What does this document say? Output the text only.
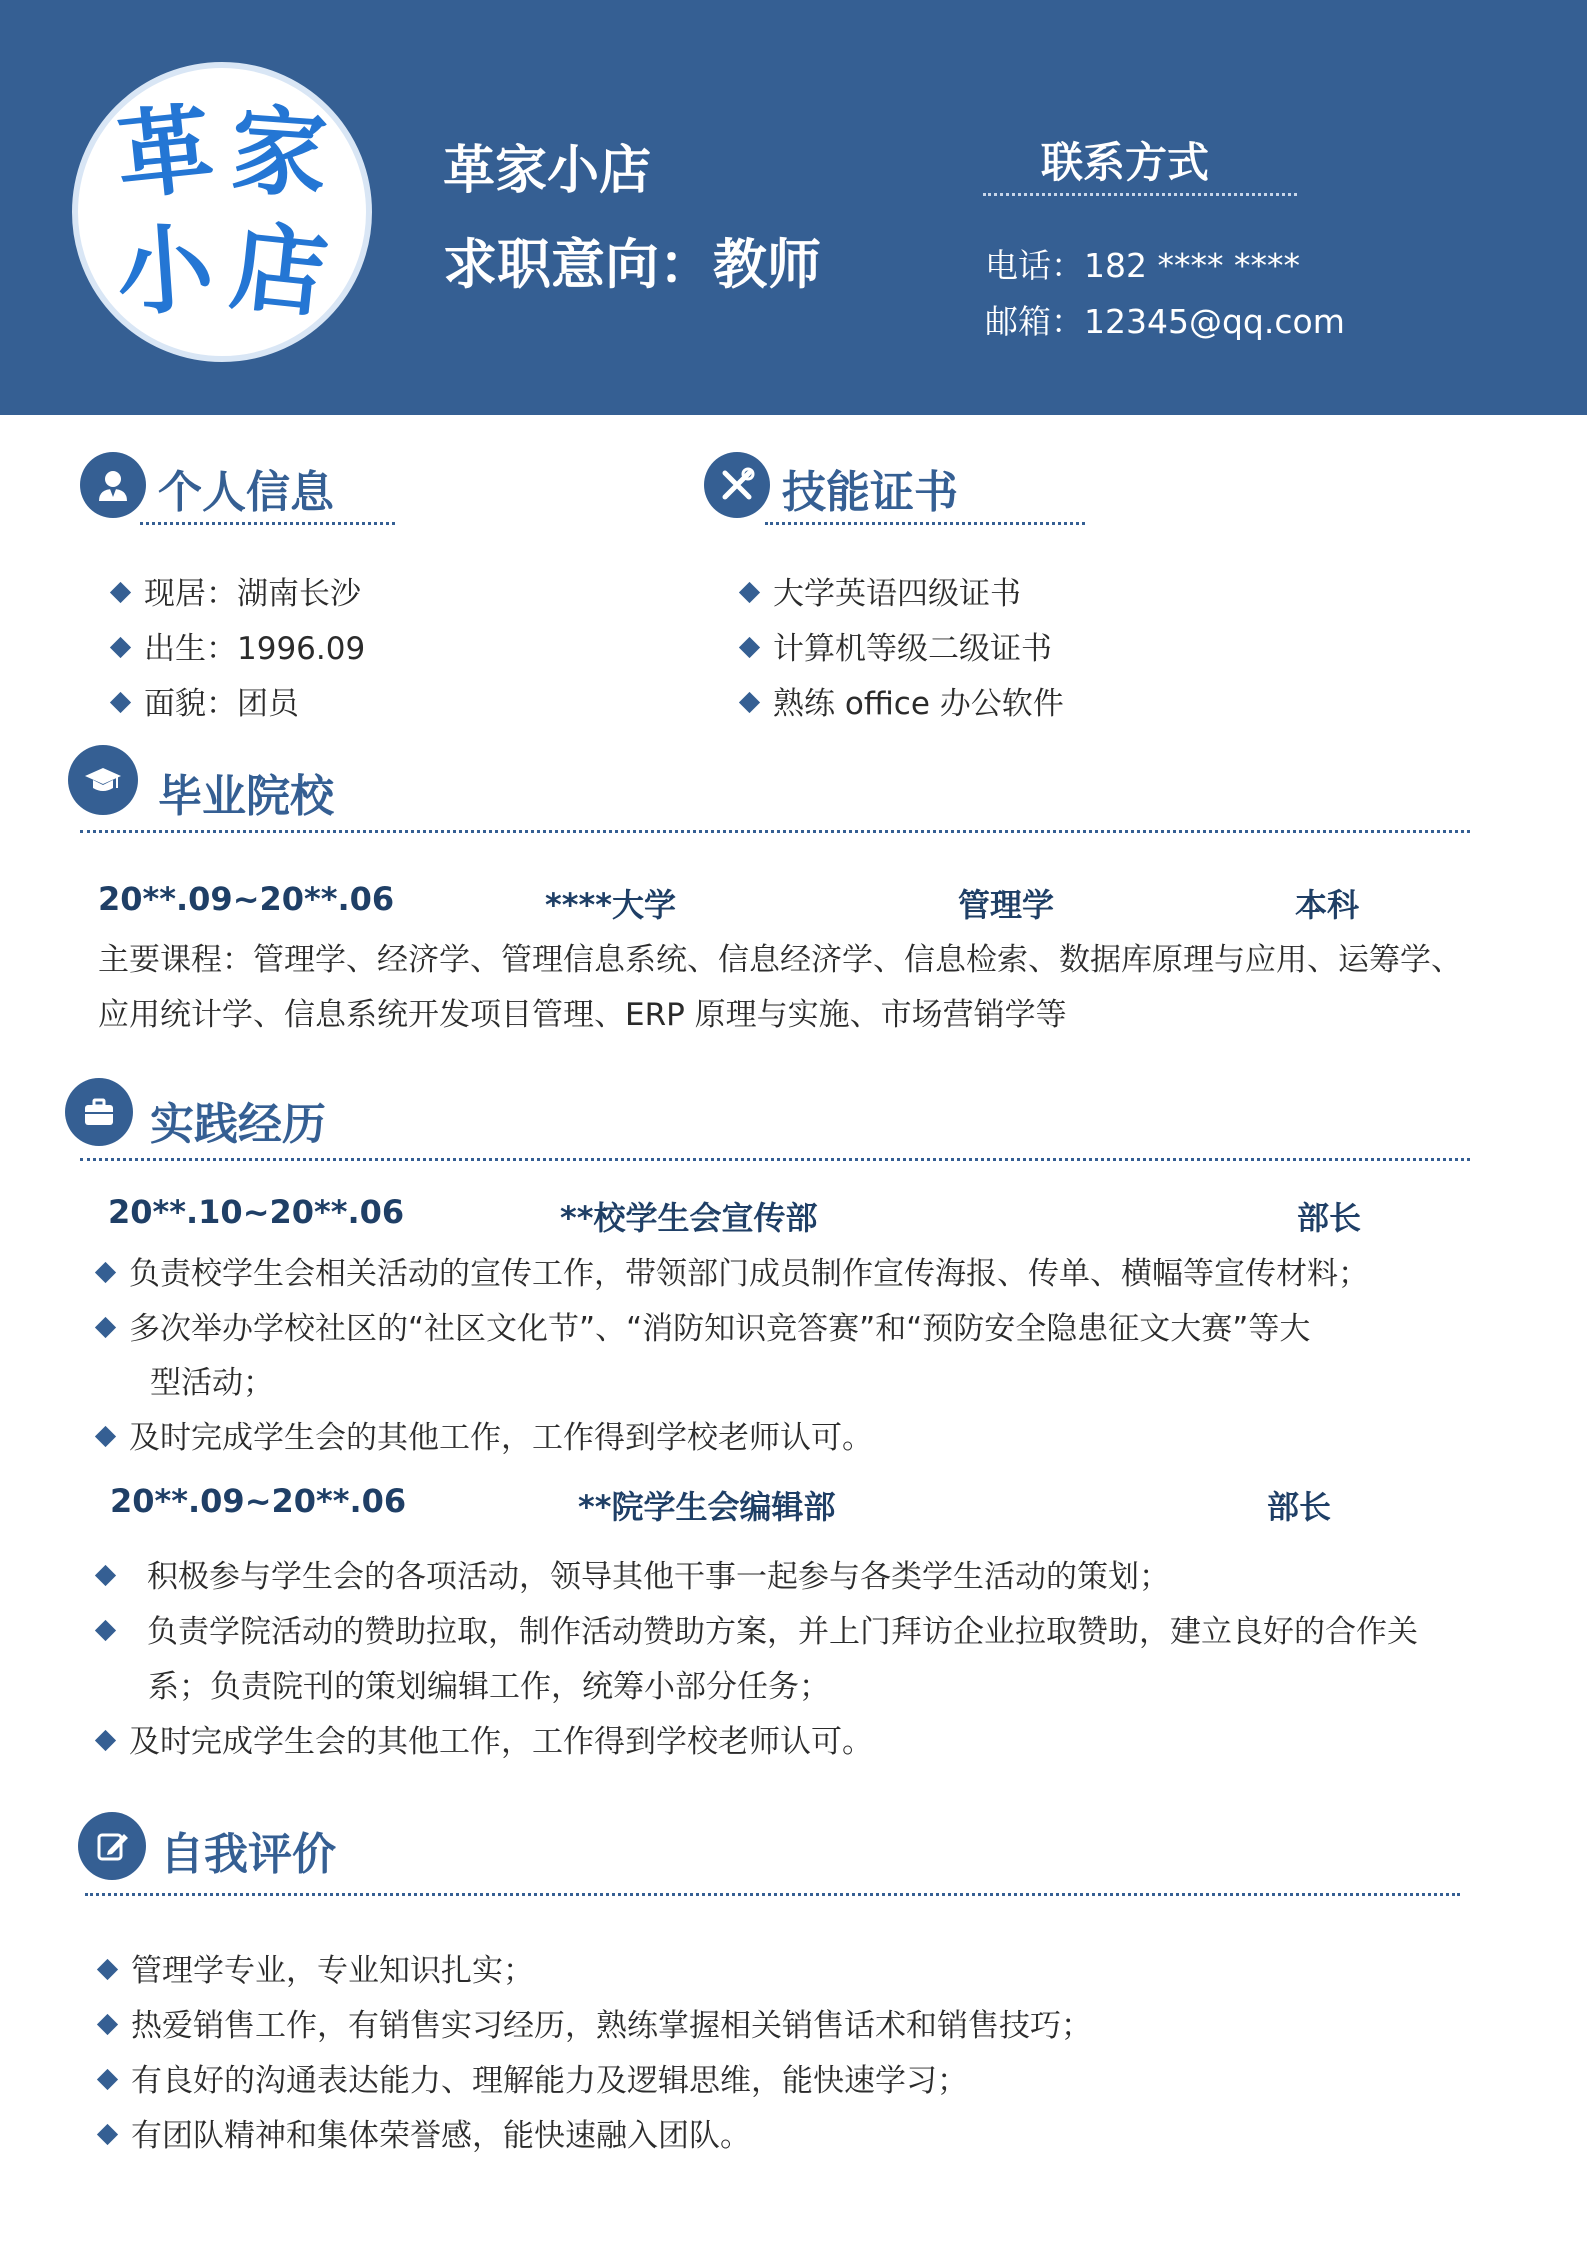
革 家
小 店
革家小店
求职意向：教师
联系方式
电话：182 **** ****
邮箱：12345@qq.com
个人信息
现居：湖南长沙
出生：1996.09
面貌：团员
技能证书
大学英语四级证书
计算机等级二级证书
熟练 office 办公软件
毕业院校
20**.09~20**.06	****大学	管理学	本科
主要课程：管理学、经济学、管理信息系统、信息经济学、信息检索、数据库原理与应用、运筹学、
应用统计学、信息系统开发项目管理、ERP 原理与实施、市场营销学等
实践经历
20**.10~20**.06	**校学生会宣传部	部长
负责校学生会相关活动的宣传工作，带领部门成员制作宣传海报、传单、横幅等宣传材料；
多次举办学校社区的“社区文化节”、“消防知识竞答赛”和“预防安全隐患征文大赛”等大
型活动；
及时完成学生会的其他工作，工作得到学校老师认可。
20**.09~20**.06	**院学生会编辑部	部长
积极参与学生会的各项活动，领导其他干事一起参与各类学生活动的策划；
负责学院活动的赞助拉取，制作活动赞助方案，并上门拜访企业拉取赞助，建立良好的合作关
系；负责院刊的策划编辑工作，统筹小部分任务；
及时完成学生会的其他工作，工作得到学校老师认可。
自我评价
管理学专业，专业知识扎实；
热爱销售工作，有销售实习经历，熟练掌握相关销售话术和销售技巧；
有良好的沟通表达能力、理解能力及逻辑思维，能快速学习；
有团队精神和集体荣誉感，能快速融入团队。
